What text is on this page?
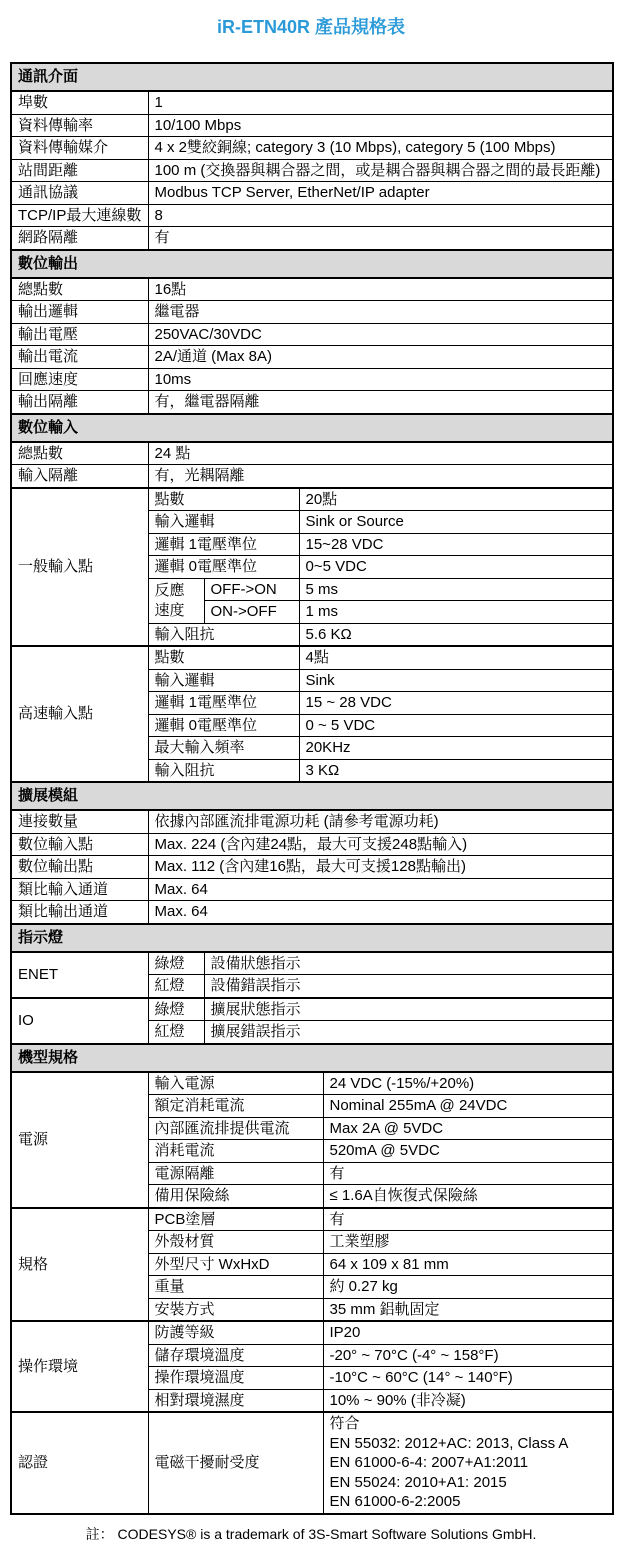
iR-ETN40R 產品規格表
通訊介面				
埠數	1			
資料傳輸率	10/100 Mbps			
資料傳輸媒介	4 x 2雙絞銅線; category 3 (10 Mbps), category 5 (100 Mbps)			
站間距離	100 m (交換器與耦合器之間，或是耦合器與耦合器之間的最長距離)			
通訊協議	Modbus TCP Server, EtherNet/IP adapter			
TCP/IP最大連線數	8			
網路隔離	有			
數位輸出				
總點數	16點			
輸出邏輯	繼電器			
輸出電壓	250VAC/30VDC			
輸出電流	2A/通道 (Max 8A)			
回應速度	10ms			
輸出隔離	有，繼電器隔離			
數位輸入				
總點數	24 點			
輸入隔離	有，光耦隔離			
一般輸入點	點數		20點	
	輸入邏輯		Sink or Source	
	邏輯 1電壓準位		15~28 VDC	
	邏輯 0電壓準位		0~5 VDC	
	反應速度	OFF->ON	5 ms	
		ON->OFF	1 ms	
	輸入阻抗		5.6 KΩ	
高速輸入點	點數		4點	
	輸入邏輯		Sink	
	邏輯 1電壓準位		15 ~ 28 VDC	
	邏輯 0電壓準位		0 ~ 5 VDC	
	最大輸入頻率		20KHz	
	輸入阻抗		3 KΩ	
擴展模組				
連接數量	依據內部匯流排電源功耗 (請參考電源功耗)			
數位輸入點	Max. 224 (含內建24點，最大可支援248點輸入)			
數位輸出點	Max. 112 (含內建16點，最大可支援128點輸出)			
類比輸入通道	Max. 64			
類比輸出通道	Max. 64			
指示燈				
ENET	綠燈	設備狀態指示		
	紅燈	設備錯誤指示		
IO	綠燈	擴展狀態指示		
	紅燈	擴展錯誤指示		
機型規格				
電源	輸入電源			24 VDC (-15%/+20%)
	額定消耗電流			Nominal 255mA @ 24VDC
	內部匯流排提供電流			Max 2A @ 5VDC
	消耗電流			520mA @ 5VDC
	電源隔離			有
	備用保險絲			≤ 1.6A自恢復式保險絲
規格	PCB塗層			有
	外殼材質			工業塑膠
	外型尺寸 WxHxD			64 x 109 x 81 mm
	重量			約 0.27 kg
	安裝方式			35 mm 鋁軌固定
操作環境	防護等級			IP20
	儲存環境溫度			-20° ~ 70°C (-4° ~ 158°F)
	操作環境溫度			-10°C ~ 60°C (14° ~ 140°F)
	相對環境濕度			10% ~ 90% (非冷凝)
認證	電磁干擾耐受度			符合
EN 55032: 2012+AC: 2013, Class A
EN 61000-6-4: 2007+A1:2011
EN 55024: 2010+A1: 2015
EN 61000-6-2:2005
註： CODESYS® is a trademark of 3S-Smart Software Solutions GmbH.
